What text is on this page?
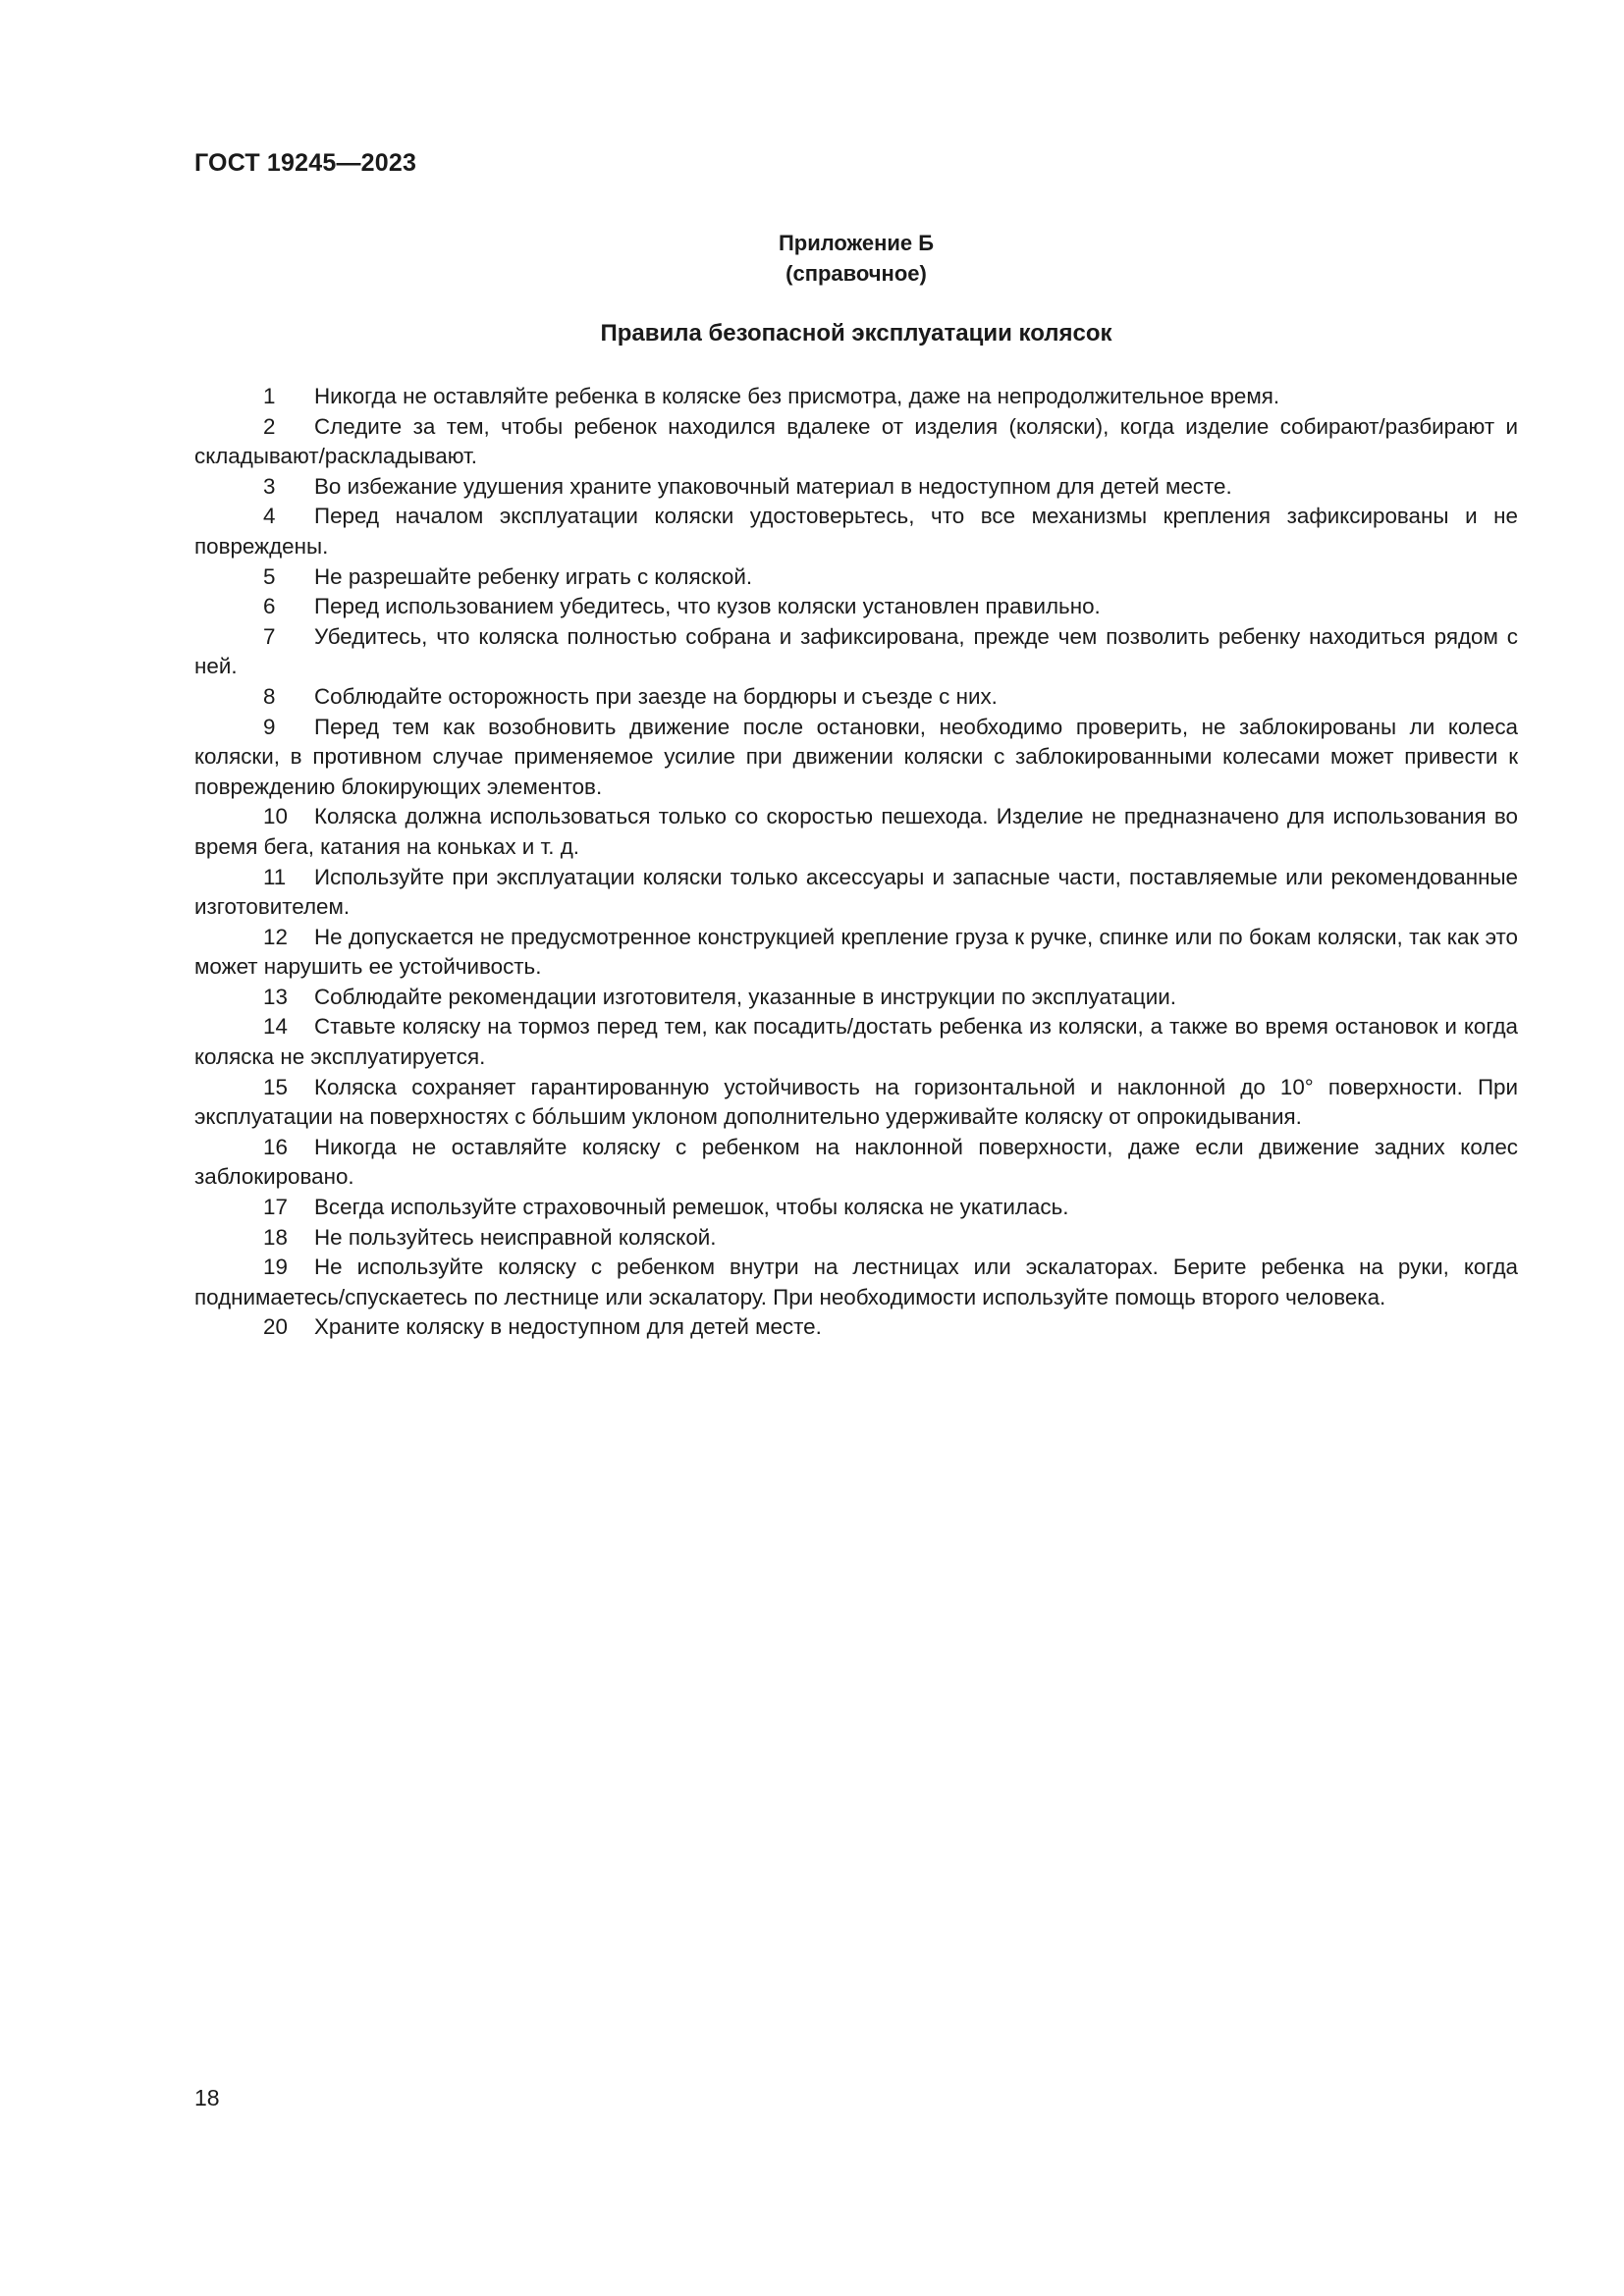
ГОСТ 19245—2023
Приложение Б
(справочное)
Правила безопасной эксплуатации колясок
1 Никогда не оставляйте ребенка в коляске без присмотра, даже на непродолжительное время.
2 Следите за тем, чтобы ребенок находился вдалеке от изделия (коляски), когда изделие собирают/разбирают и складывают/раскладывают.
3 Во избежание удушения храните упаковочный материал в недоступном для детей месте.
4 Перед началом эксплуатации коляски удостоверьтесь, что все механизмы крепления зафиксированы и не повреждены.
5 Не разрешайте ребенку играть с коляской.
6 Перед использованием убедитесь, что кузов коляски установлен правильно.
7 Убедитесь, что коляска полностью собрана и зафиксирована, прежде чем позволить ребенку находиться рядом с ней.
8 Соблюдайте осторожность при заезде на бордюры и съезде с них.
9 Перед тем как возобновить движение после остановки, необходимо проверить, не заблокированы ли колеса коляски, в противном случае применяемое усилие при движении коляски с заблокированными колесами может привести к повреждению блокирующих элементов.
10 Коляска должна использоваться только со скоростью пешехода. Изделие не предназначено для использования во время бега, катания на коньках и т. д.
11 Используйте при эксплуатации коляски только аксессуары и запасные части, поставляемые или рекомендованные изготовителем.
12 Не допускается не предусмотренное конструкцией крепление груза к ручке, спинке или по бокам коляски, так как это может нарушить ее устойчивость.
13 Соблюдайте рекомендации изготовителя, указанные в инструкции по эксплуатации.
14 Ставьте коляску на тормоз перед тем, как посадить/достать ребенка из коляски, а также во время остановок и когда коляска не эксплуатируется.
15 Коляска сохраняет гарантированную устойчивость на горизонтальной и наклонной до 10° поверхности. При эксплуатации на поверхностях с бóльшим уклоном дополнительно удерживайте коляску от опрокидывания.
16 Никогда не оставляйте коляску с ребенком на наклонной поверхности, даже если движение задних колес заблокировано.
17 Всегда используйте страховочный ремешок, чтобы коляска не укатилась.
18 Не пользуйтесь неисправной коляской.
19 Не используйте коляску с ребенком внутри на лестницах или эскалаторах. Берите ребенка на руки, когда поднимаетесь/спускаетесь по лестнице или эскалатору. При необходимости используйте помощь второго человека.
20 Храните коляску в недоступном для детей месте.

18
